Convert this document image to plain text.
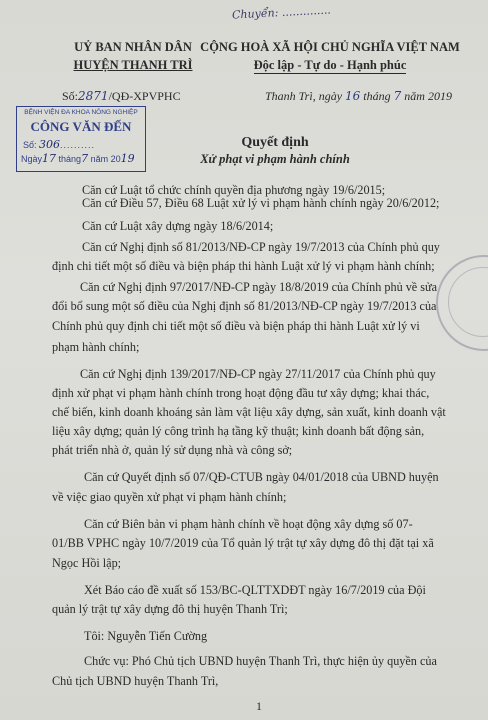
Chuyển: ..............
UỶ BAN NHÂN DÂN
HUYỆN THANH TRÌ
Số:2871/QĐ-XPVPHC
CỘNG HOÀ XÃ HỘI CHỦ NGHĨA VIỆT NAM
Độc lập - Tự do - Hạnh phúc
Thanh Trì, ngày 16 tháng 7 năm 2019
BỆNH VIỆN ĐA KHOA NÔNG NGHIỆP
CÔNG VĂN ĐẾN
Số: 306..........
Ngày17 tháng7 năm 2019
Quyết định
Xử phạt vi phạm hành chính
Căn cứ Luật tổ chức chính quyền địa phương ngày 19/6/2015;
Căn cứ Điều 57, Điều 68 Luật xử lý vi phạm hành chính ngày 20/6/2012;
Căn cứ Luật xây dựng ngày 18/6/2014;
Căn cứ Nghị định số 81/2013/NĐ-CP ngày 19/7/2013 của Chính phủ quy
định chi tiết một số điều và biện pháp thi hành Luật xử lý vi phạm hành chính;
Căn cứ Nghị định 97/2017/NĐ-CP ngày 18/8/2019 của Chính phủ về sửa
đổi bổ sung một số điều của Nghị định số 81/2013/NĐ-CP ngày 19/7/2013 của
Chính phủ quy định chi tiết một số điều và biện pháp thi hành Luật xử lý vi
phạm hành chính;
Căn cứ Nghị định 139/2017/NĐ-CP ngày 27/11/2017 của Chính phủ quy
định xử phạt vi phạm hành chính trong hoạt động đầu tư xây dựng; khai thác,
chế biến, kinh doanh khoáng sản làm vật liệu xây dựng, sản xuất, kinh doanh vật
liệu xây dựng; quản lý công trình hạ tầng kỹ thuật; kinh doanh bất động sản,
phát triển nhà ở, quản lý sử dụng nhà và công sở;
Căn cứ Quyết định số 07/QĐ-CTUB ngày 04/01/2018 của UBND huyện
về việc giao quyền xử phạt vi phạm hành chính;
Căn cứ Biên bản vi phạm hành chính về hoạt động xây dựng số 07-
01/BB VPHC ngày 10/7/2019 của Tổ quản lý trật tự xây dựng đô thị đặt tại xã
Ngọc Hồi lập;
Xét Báo cáo đề xuất số 153/BC-QLTTXDĐT ngày 16/7/2019 của Đội
quản lý trật tự xây dựng đô thị huyện Thanh Trì;
Tôi: Nguyễn Tiến Cường
Chức vụ: Phó Chủ tịch UBND huyện Thanh Trì, thực hiện ủy quyền của
Chủ tịch UBND huyện Thanh Trì,
1
